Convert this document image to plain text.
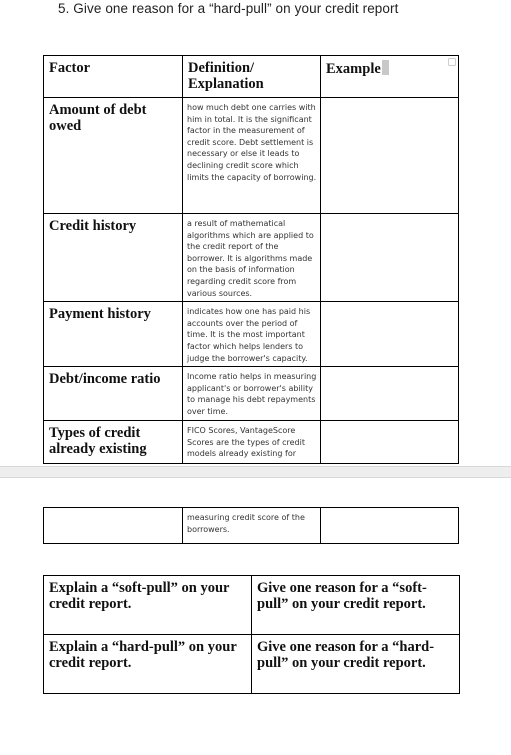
5. Give one reason for a “hard-pull” on your credit report
Factor	Definition/ Explanation	Example

Amount of debt owed	how much debt one carries with him in total. It is the significant factor in the measurement of credit score. Debt settlement is necessary or else it leads to declining credit score which limits the capacity of borrowing.	
Credit history	a result of mathematical algorithms which are applied to the credit report of the borrower. It is algorithms made on the basis of information regarding credit score from various sources.	
Payment history	indicates how one has paid his accounts over the period of time. It is the most important factor which helps lenders to judge the borrower's capacity.	
Debt/income ratio	Income ratio helps in measuring applicant's or borrower's ability to manage his debt repayments over time.	
Types of credit already existing	FICO Scores, VantageScore Scores are the types of credit models already existing for	
	measuring credit score of the borrowers.	
Explain a “soft-pull” on your credit report.	Give one reason for a “soft-pull” on your credit report.
Explain a “hard-pull” on your credit report.	Give one reason for a “hard-pull” on your credit report.
